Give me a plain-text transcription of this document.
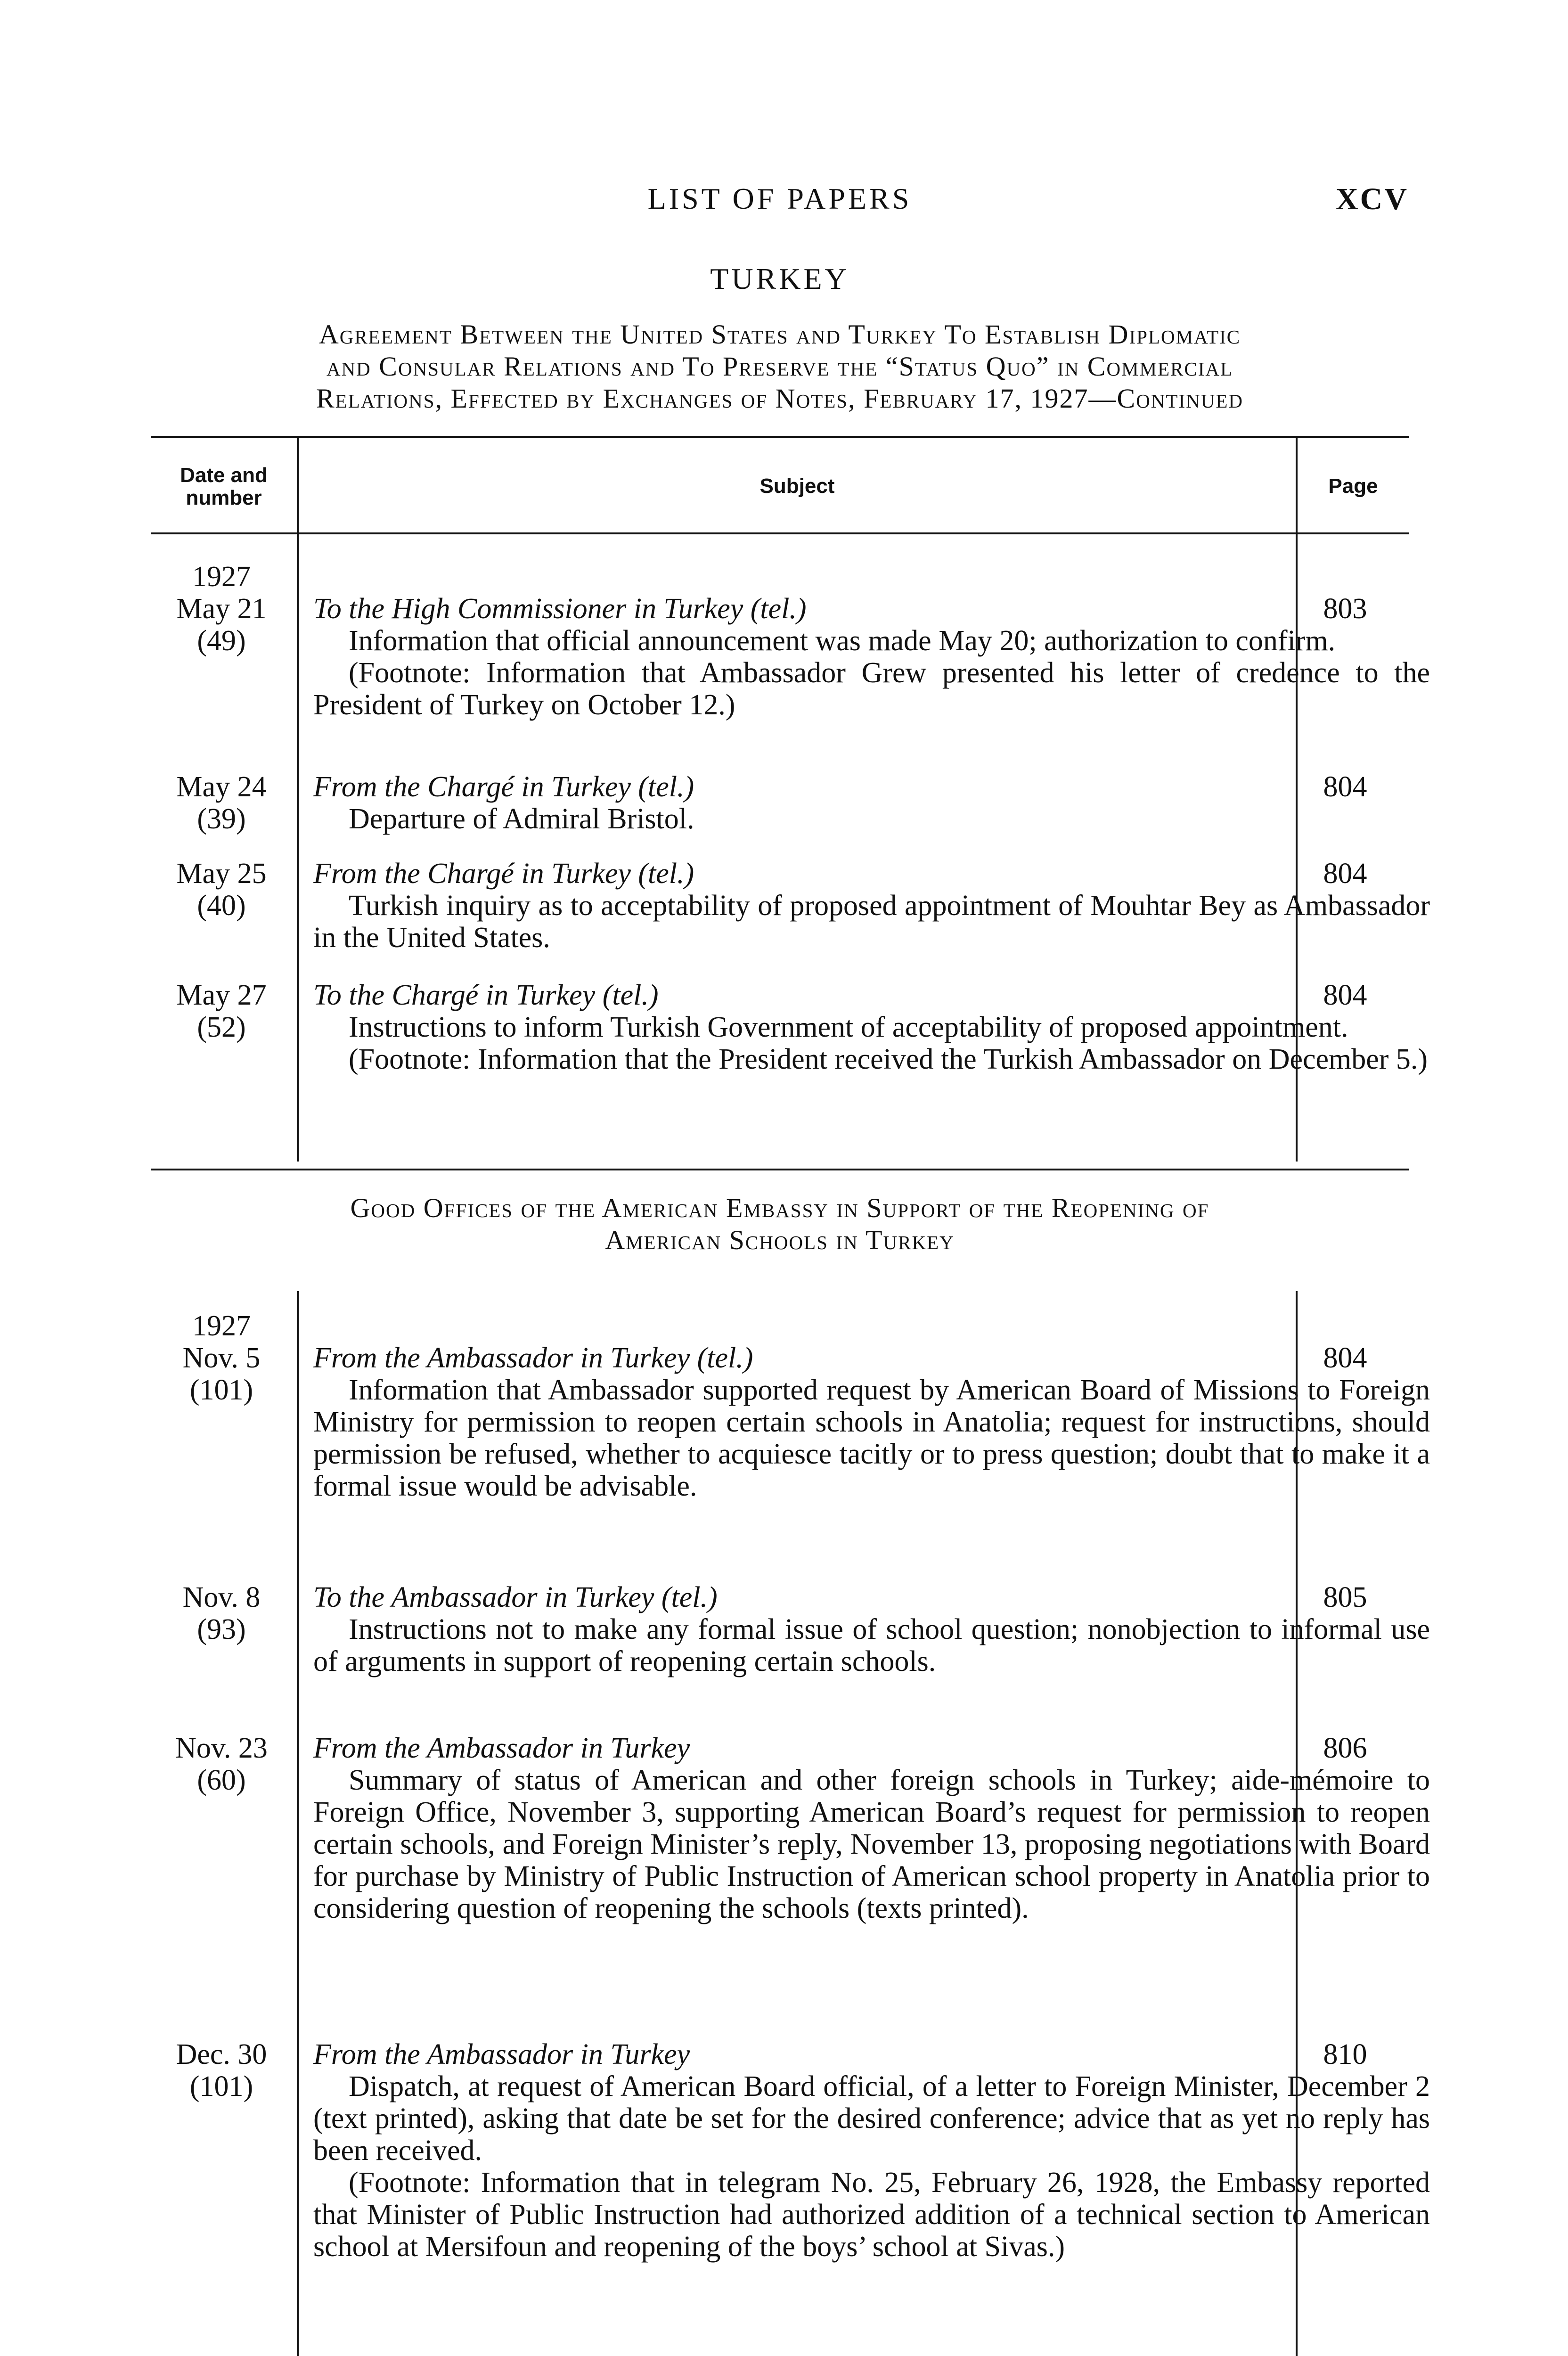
LIST OF PAPERS	XCV
TURKEY
Agreement Between the United States and Turkey To Establish Diplomatic
and Consular Relations and To Preserve the “Status Quo” in Commercial
Relations, Effected by Exchanges of Notes, February 17, 1927—Continued
Date and
number
Subject	Page
1927
May 21
(49)

To the High Commissioner in Turkey (tel.)

Information that official announcement was made May 20; authorization to confirm.

(Footnote: Information that Ambassador Grew presented his letter of credence to the President of Turkey on October 12.)

803
May 24
(39)

From the Chargé in Turkey (tel.)

Departure of Admiral Bristol.

804
May 25
(40)

From the Chargé in Turkey (tel.)

Turkish inquiry as to acceptability of proposed appointment of Mouhtar Bey as Ambassador in the United States.

804
May 27
(52)

To the Chargé in Turkey (tel.)

Instructions to inform Turkish Government of acceptability of proposed appointment.

(Footnote: Information that the President received the Turkish Ambassador on December 5.)

804
Good Offices of the American Embassy in Support of the Reopening of
American Schools in Turkey
1927
Nov. 5
(101)

From the Ambassador in Turkey (tel.)

Information that Ambassador supported request by American Board of Missions to Foreign Ministry for permission to reopen certain schools in Anatolia; request for instructions, should permission be refused, whether to acquiesce tacitly or to press question; doubt that to make it a formal issue would be advisable.

804
Nov. 8
(93)

To the Ambassador in Turkey (tel.)

Instructions not to make any formal issue of school question; nonobjection to informal use of arguments in support of reopening certain schools.

805
Nov. 23
(60)

From the Ambassador in Turkey

Summary of status of American and other foreign schools in Turkey; aide-mémoire to Foreign Office, November 3, supporting American Board’s request for permission to reopen certain schools, and Foreign Minister’s reply, November 13, proposing negotiations with Board for purchase by Ministry of Public Instruction of American school property in Anatolia prior to considering question of reopening the schools (texts printed).

806
Dec. 30
(101)

From the Ambassador in Turkey

Dispatch, at request of American Board official, of a letter to Foreign Minister, December 2 (text printed), asking that date be set for the desired conference; advice that as yet no reply has been received.

(Footnote: Information that in telegram No. 25, February 26, 1928, the Embassy reported that Minister of Public Instruction had authorized addition of a technical section to American school at Mersifoun and reopening of the boys’ school at Sivas.)

810
